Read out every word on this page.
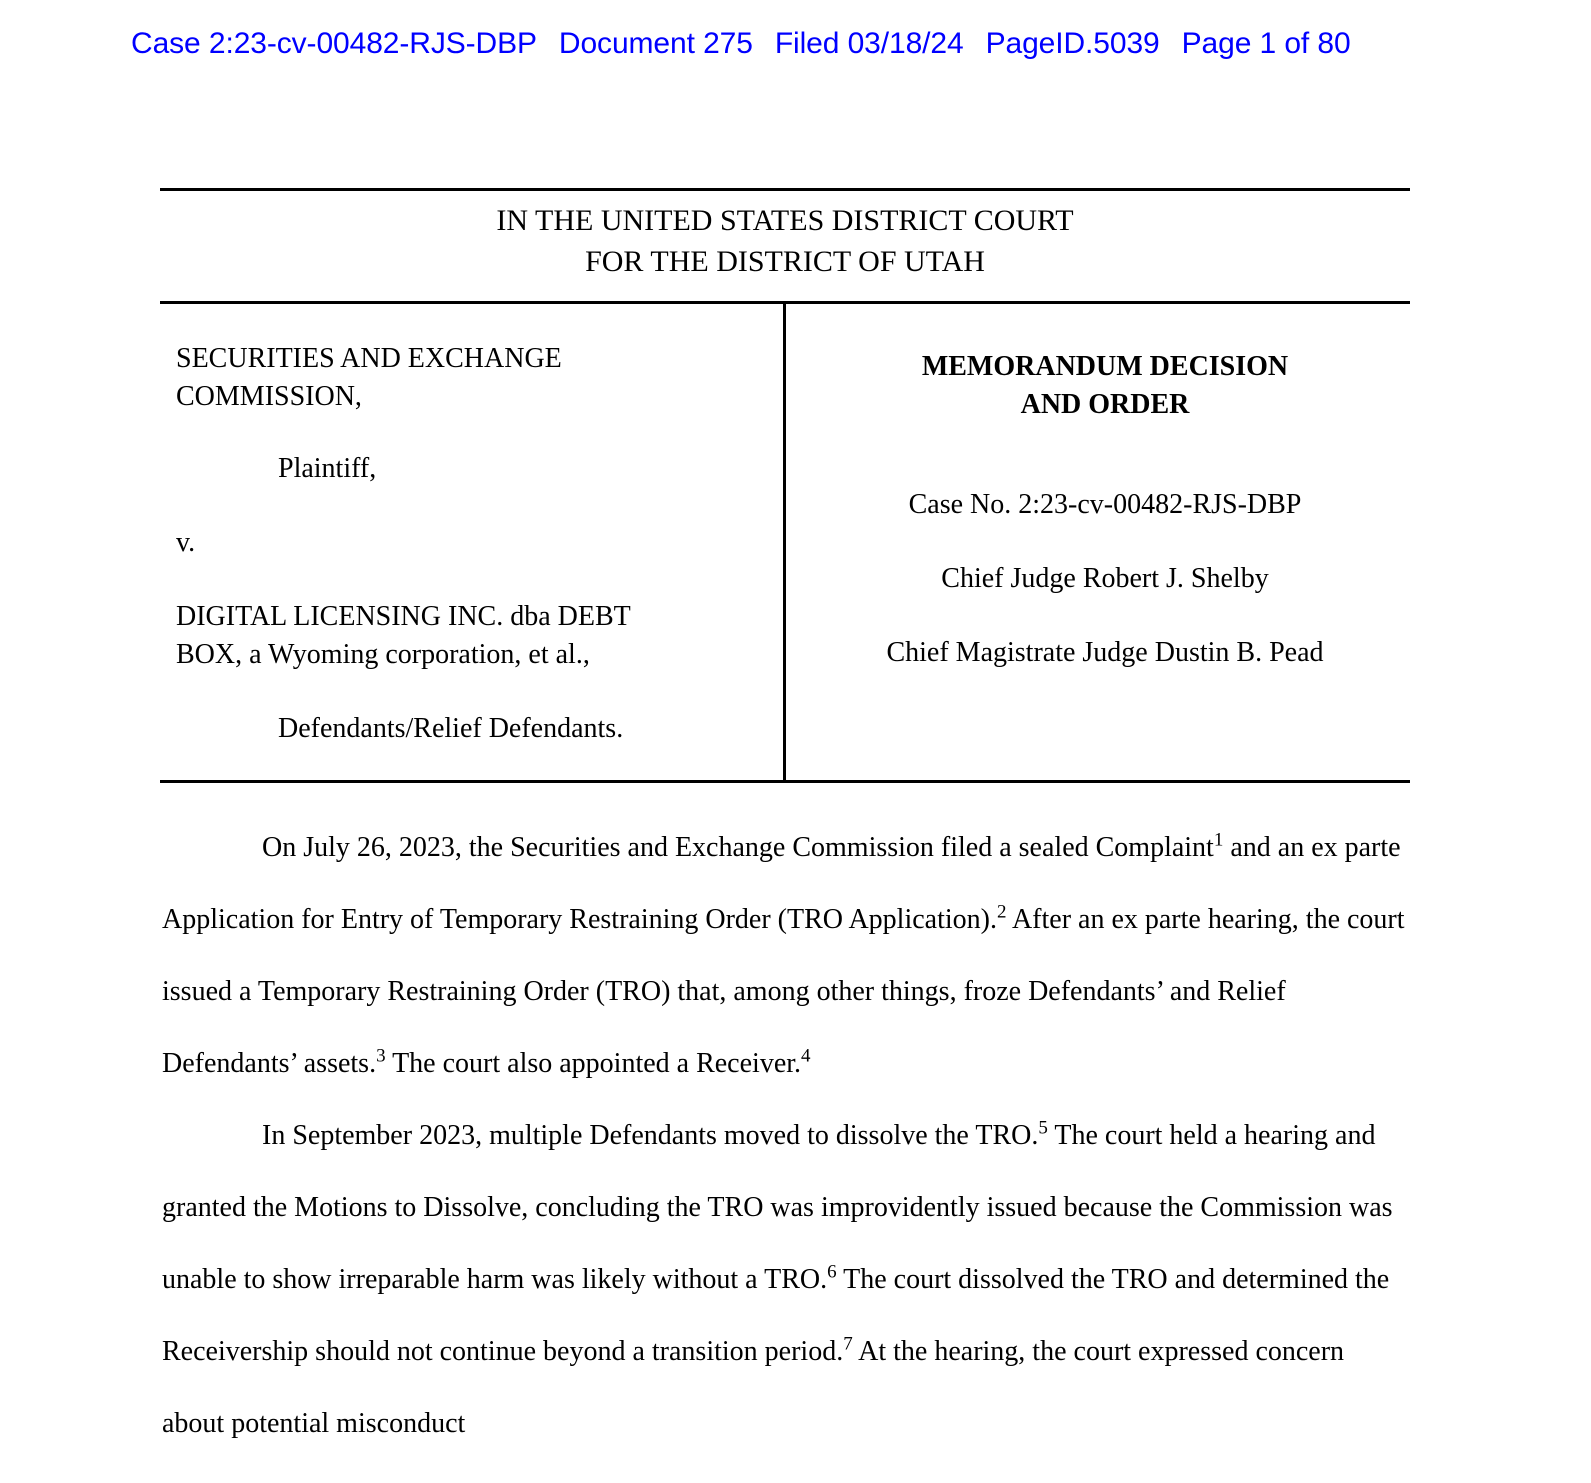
Case 2:23-cv-00482-RJS-DBP Document 275 Filed 03/18/24 PageID.5039 Page 1 of 80
IN THE UNITED STATES DISTRICT COURT
FOR THE DISTRICT OF UTAH
SECURITIES AND EXCHANGE
COMMISSION,
Plaintiff,
v.
DIGITAL LICENSING INC. dba DEBT
BOX, a Wyoming corporation, et al.,
Defendants/Relief Defendants.
MEMORANDUM DECISION
AND ORDER
Case No. 2:23-cv-00482-RJS-DBP
Chief Judge Robert J. Shelby
Chief Magistrate Judge Dustin B. Pead

On July 26, 2023, the Securities and Exchange Commission filed a sealed Complaint$^1$ and an ex parte Application for Entry of Temporary Restraining Order (TRO Application).$^2$ After an ex parte hearing, the court issued a Temporary Restraining Order (TRO) that, among other things, froze Defendants’ and Relief Defendants’ assets.$^3$ The court also appointed a Receiver.$^4$

In September 2023, multiple Defendants moved to dissolve the TRO.$^5$ The court held a hearing and granted the Motions to Dissolve, concluding the TRO was improvidently issued because the Commission was unable to show irreparable harm was likely without a TRO.$^6$ The court dissolved the TRO and determined the Receivership should not continue beyond a transition period.$^7$ At the hearing, the court expressed concern about potential misconduct
